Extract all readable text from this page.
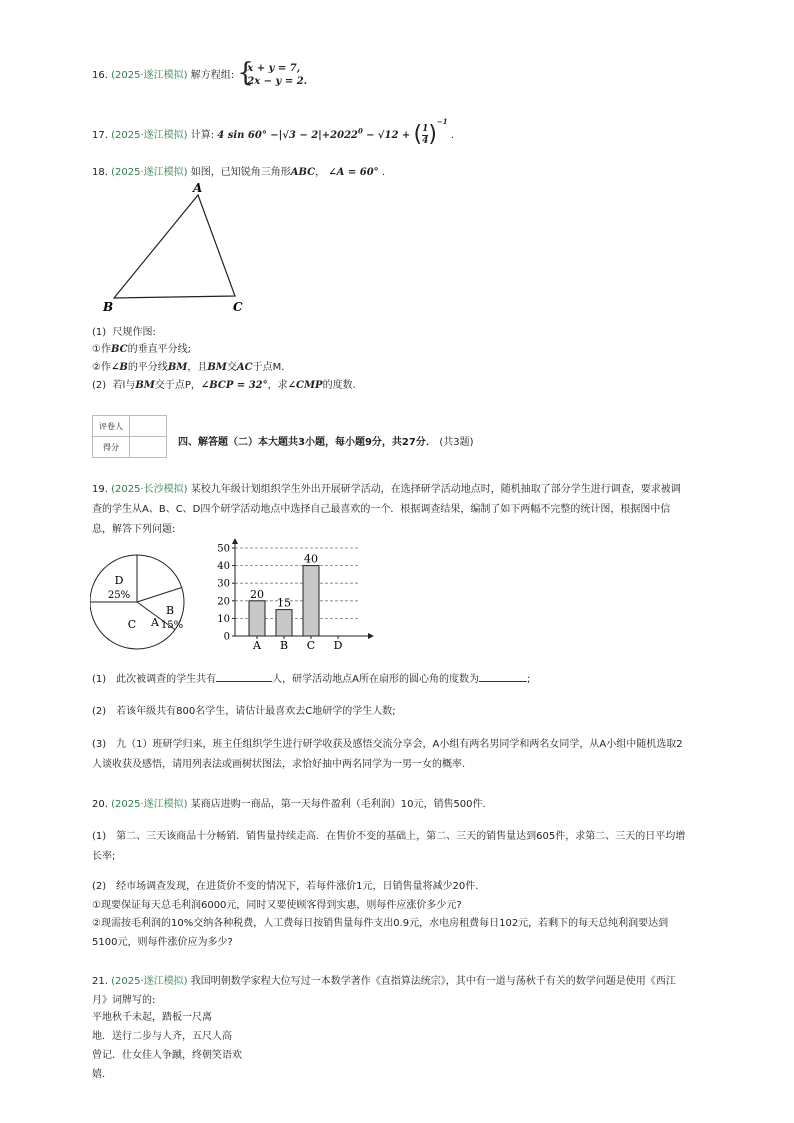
16. (2025·遂江模拟) 解方程组: {
x + y = 7,
2x − y = 2.
17. (2025·遂江模拟) 计算: 4 $\sin 60^\circ -|√3 - 2|+2022^0 - √12$ + ( $\frac{1}{4} )^{-1}$ .
18. (2025·遂江模拟) 如图，已知锐角三角形ABC， ∠A = 60° .
A
B	C
(1) 尺规作图:
①作BC的垂直平分线;
②作∠B的平分线BM，且BM交AC于点M.
(2) 若l与BM交于点P，∠BCP = 32°，求∠CMP的度数.
评卷人	
得分		四、解答题（二）本大题共3小题，每小题9分，共27分． (共3题)
19. (2025·长沙模拟) 某校九年级计划组织学生外出开展研学活动，在选择研学活动地点时，随机抽取了部分学生进行调查，要求被调查的学生从A、B、C、D四个研学活动地点中选择自己最喜欢的一个．根据调查结果，编制了如下两幅不完整的统计图，根据图中信息，解答下列问题:
A
B
15%
C
D
25%
0
10
20
30
40
50
20
A
15
B
40
C D
(1)　此次被调查的学生共有	人，研学活动地点A所在扇形的圆心角的度数为	;
(2)　若该年级共有800名学生，请估计最喜欢去C地研学的学生人数;
(3)　九（1）班研学归来，班主任组织学生进行研学收获及感悟交流分享会，A小组有两名男同学和两名女同学，从A小组中随机选取2人谈收获及感悟，请用列表法或画树状图法，求恰好抽中两名同学为一男一女的概率.
20. (2025·遂江模拟) 某商店进购一商品，第一天每件盈利（毛利润）10元，销售500件.
(1)　第二、三天该商品十分畅销．销售量持续走高．在售价不变的基础上，第二、三天的销售量达到605件，求第二、三天的日平均增长率;
(2)　经市场调查发现，在进货价不变的情况下，若每件涨价1元，日销售量将减少20件.
①现要保证每天总毛利润6000元，同时又要使顾客得到实惠，则每件应涨价多少元?
②现需按毛利润的10%交纳各种税费，人工费每日按销售量每件支出0.9元，水电房租费每日102元，若剩下的每天总纯利润要达到5100元，则每件涨价应为多少?
21. (2025·遂江模拟) 我国明朝数学家程大位写过一本数学著作《直指算法统宗》，其中有一道与荡秋千有关的数学问题是使用《西江月》词牌写的:
平地秋千未起，踏板一尺离
地．送行二步与人齐，五尺人高
曾记．仕女佳人争蹴，终朝笑语欢
嬉.
